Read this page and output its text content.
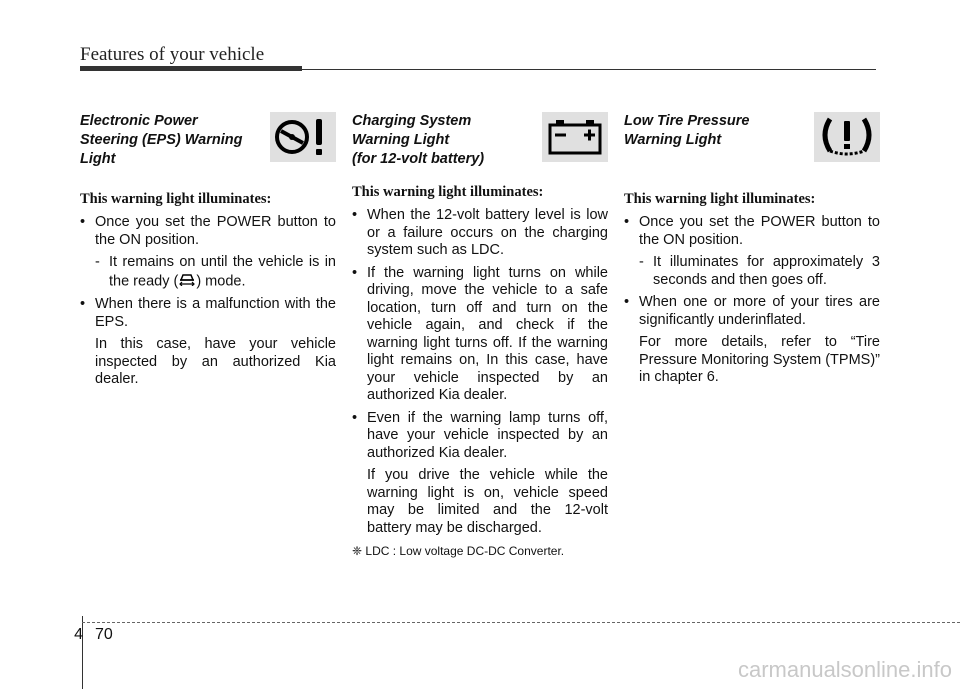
Features of your vehicle
Electronic Power
Steering (EPS) Warning
Light
This warning light illuminates:

• Once you set the POWER button to the ON position.

- It remains on until the vehicle is in the ready ( ) mode.

• When there is a malfunction with the EPS.

In this case, have your vehicle inspected by an authorized Kia dealer.

Charging System
Warning Light
(for 12-volt battery)
This warning light illuminates:

• When the 12-volt battery level is low or a failure occurs on the charging system such as LDC.

• If the warning light turns on while driving, move the vehicle to a safe location, turn off and turn on the vehicle again, and check if the warning light turns off. If the warning light remains on, In this case, have your vehicle inspected by an authorized Kia dealer.

• Even if the warning lamp turns off, have your vehicle inspected by an authorized Kia dealer.

If you drive the vehicle while the warning light is on, vehicle speed may be limited and the 12-volt battery may be discharged.

❈ LDC : Low voltage DC-DC Converter.

Low Tire Pressure
Warning Light
This warning light illuminates:

• Once you set the POWER button to the ON position.

- It illuminates for approximately 3 seconds and then goes off.

• When one or more of your tires are significantly underinflated.

For more details, refer to “Tire Pressure Monitoring System (TPMS)” in chapter 6.

4 70
carmanualsonline.info
